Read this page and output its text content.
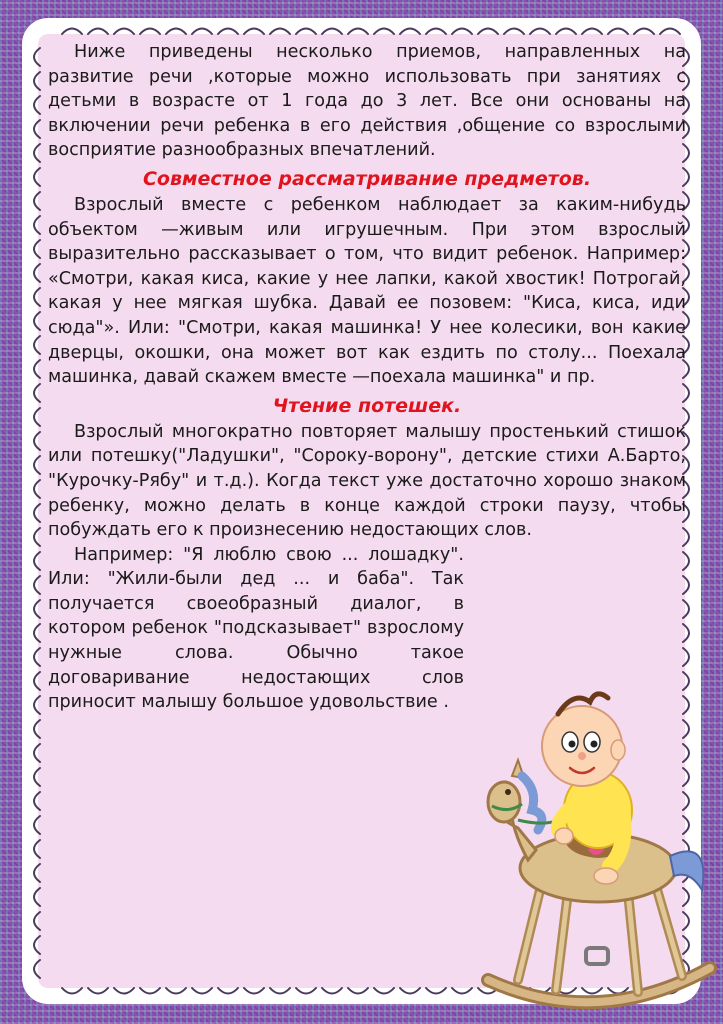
Ниже приведены несколько приемов, направленных на развитие речи ,которые можно использовать при занятиях с детьми в возрасте от 1 года до 3 лет. Все они основаны на включении речи ребенка в его действия ,общение со взрослыми восприятие разнообразных впечатлений.

Совместное рассматривание предметов.

Взрослый вместе с ребенком наблюдает за каким-нибудь объектом —живым или игрушечным. При этом взрослый выразительно рассказывает о том, что видит ребенок. Например: «Смотри, какая киса, какие у нее лапки, какой хвостик! Потрогай, какая у нее мягкая шубка. Давай ее позовем: "Киса, киса, иди сюда"». Или: "Смотри, какая машинка! У нее колесики, вон какие дверцы, окошки, она может вот как ездить по столу... Поехала машинка, давай скажем вместе —поехала машинка" и пр.

Чтение потешек.

Взрослый многократно повторяет малышу простенький стишок или потешку("Ладушки", "Сороку-ворону", детские стихи А.Барто, "Курочку-Рябу" и т.д.). Когда текст уже достаточно хорошо знаком ребенку, можно делать в конце каждой строки паузу, чтобы побуждать его к произнесению недостающих слов.

Например: "Я люблю свою ... лошадку". Или: "Жили-были дед ... и баба". Так получается своеобразный диалог, в котором ребенок "подсказывает" взрослому нужные слова. Обычно такое договаривание недостающих слов приносит малышу большое удовольствие .
